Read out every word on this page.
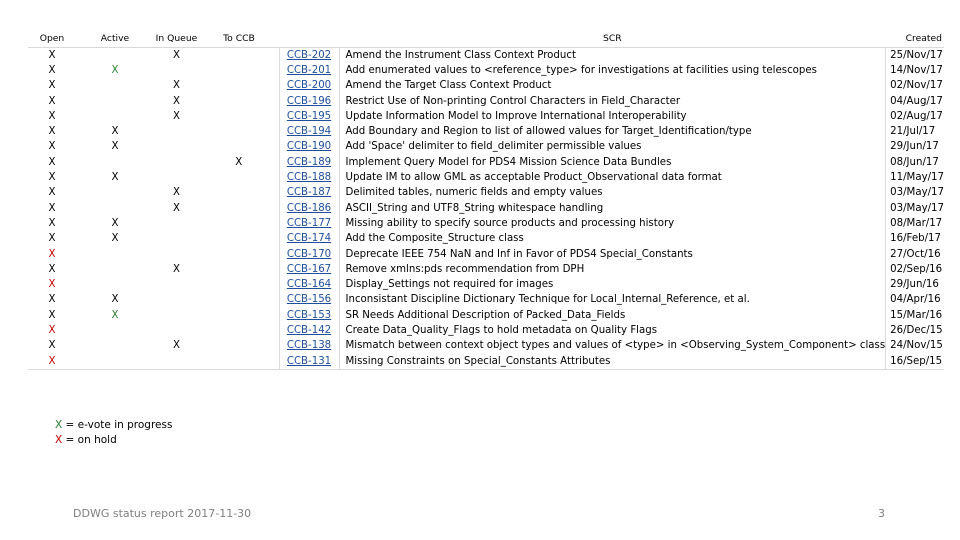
Open	Active	In Queue	To CCB		SCR	Created
X		X		CCB-202	Amend the Instrument Class Context Product	25/Nov/17
X	X			CCB-201	Add enumerated values to <reference_type> for investigations at facilities using telescopes	14/Nov/17
X		X		CCB-200	Amend the Target Class Context Product	02/Nov/17
X		X		CCB-196	Restrict Use of Non-printing Control Characters in Field_Character	04/Aug/17
X		X		CCB-195	Update Information Model to Improve International Interoperability	02/Aug/17
X	X			CCB-194	Add Boundary and Region to list of allowed values for Target_Identification/type	21/Jul/17
X	X			CCB-190	Add 'Space' delimiter to field_delimiter permissible values	29/Jun/17
X			X	CCB-189	Implement Query Model for PDS4 Mission Science Data Bundles	08/Jun/17
X	X			CCB-188	Update IM to allow GML as acceptable Product_Observational data format	11/May/17
X		X		CCB-187	Delimited tables, numeric fields and empty values	03/May/17
X		X		CCB-186	ASCII_String and UTF8_String whitespace handling	03/May/17
X	X			CCB-177	Missing ability to specify source products and processing history	08/Mar/17
X	X			CCB-174	Add the Composite_Structure class	16/Feb/17
X				CCB-170	Deprecate IEEE 754 NaN and Inf in Favor of PDS4 Special_Constants	27/Oct/16
X		X		CCB-167	Remove xmlns:pds recommendation from DPH	02/Sep/16
X				CCB-164	Display_Settings not required for images	29/Jun/16
X	X			CCB-156	Inconsistant Discipline Dictionary Technique for Local_Internal_Reference, et al.	04/Apr/16
X	X			CCB-153	SR Needs Additional Description of Packed_Data_Fields	15/Mar/16
X				CCB-142	Create Data_Quality_Flags to hold metadata on Quality Flags	26/Dec/15
X		X		CCB-138	Mismatch between context object types and values of <type> in <Observing_System_Component> class	24/Nov/15
X				CCB-131	Missing Constraints on Special_Constants Attributes	16/Sep/15
X = e-vote in progress
X = on hold
DDWG status report 2017-11-30	3
